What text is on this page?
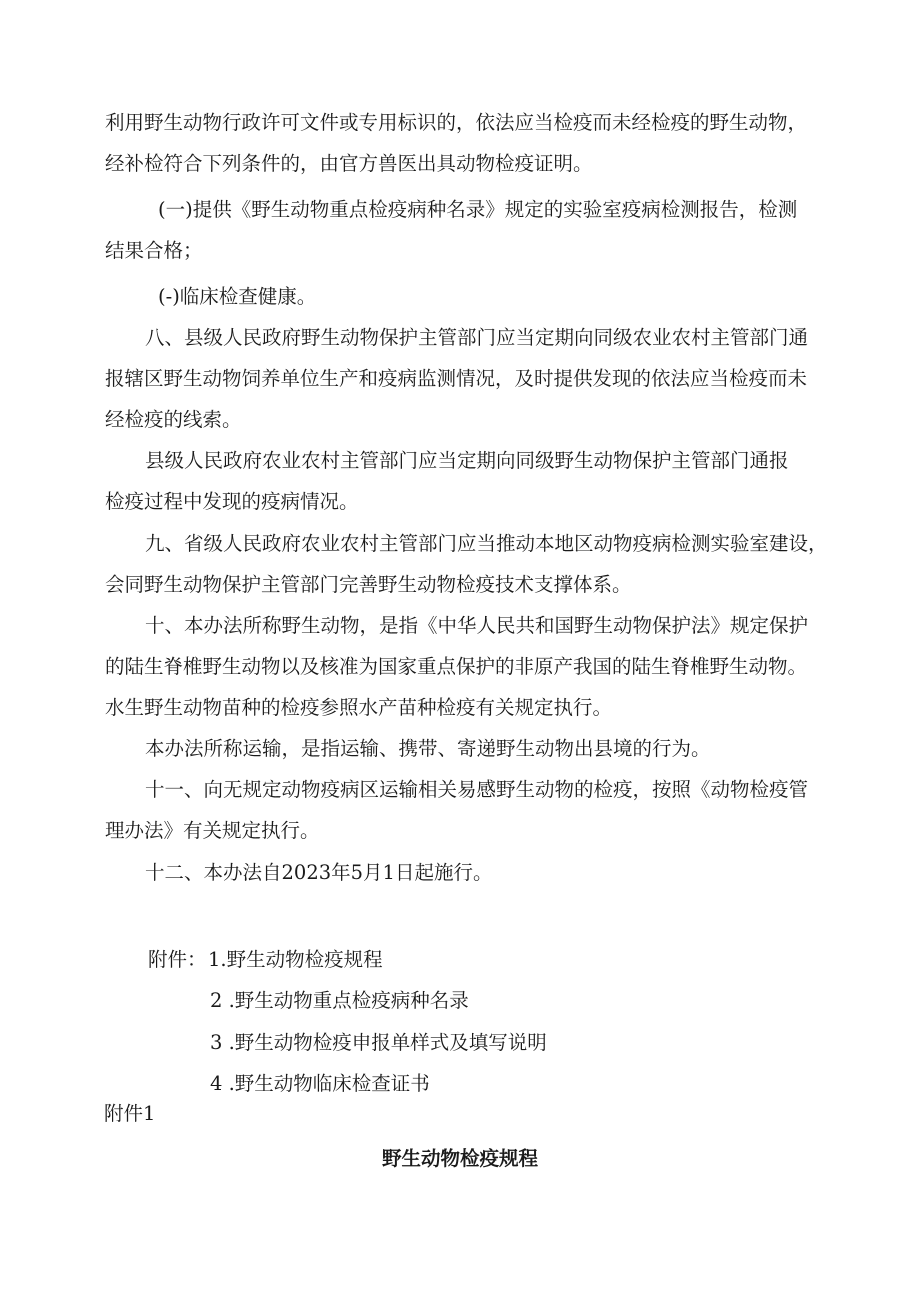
利用野生动物行政许可文件或专用标识的，依法应当检疫而未经检疫的野生动物，
经补检符合下列条件的，由官方兽医出具动物检疫证明。
(一)提供《野生动物重点检疫病种名录》规定的实验室疫病检测报告，检测
结果合格；
(-)临床检查健康。
八、县级人民政府野生动物保护主管部门应当定期向同级农业农村主管部门通
报辖区野生动物饲养单位生产和疫病监测情况，及时提供发现的依法应当检疫而未
经检疫的线索。
县级人民政府农业农村主管部门应当定期向同级野生动物保护主管部门通报
检疫过程中发现的疫病情况。
九、省级人民政府农业农村主管部门应当推动本地区动物疫病检测实验室建设，
会同野生动物保护主管部门完善野生动物检疫技术支撑体系。
十、本办法所称野生动物，是指《中华人民共和国野生动物保护法》规定保护
的陆生脊椎野生动物以及核准为国家重点保护的非原产我国的陆生脊椎野生动物。
水生野生动物苗种的检疫参照水产苗种检疫有关规定执行。
本办法所称运输，是指运输、携带、寄递野生动物出县境的行为。
十一、向无规定动物疫病区运输相关易感野生动物的检疫，按照《动物检疫管
理办法》有关规定执行。
十二、本办法自2023年5月1日起施行。
附件： 1.野生动物检疫规程
2 .野生动物重点检疫病种名录
3 .野生动物检疫申报单样式及填写说明
4 .野生动物临床检查证书
附件1
野生动物检疫规程
